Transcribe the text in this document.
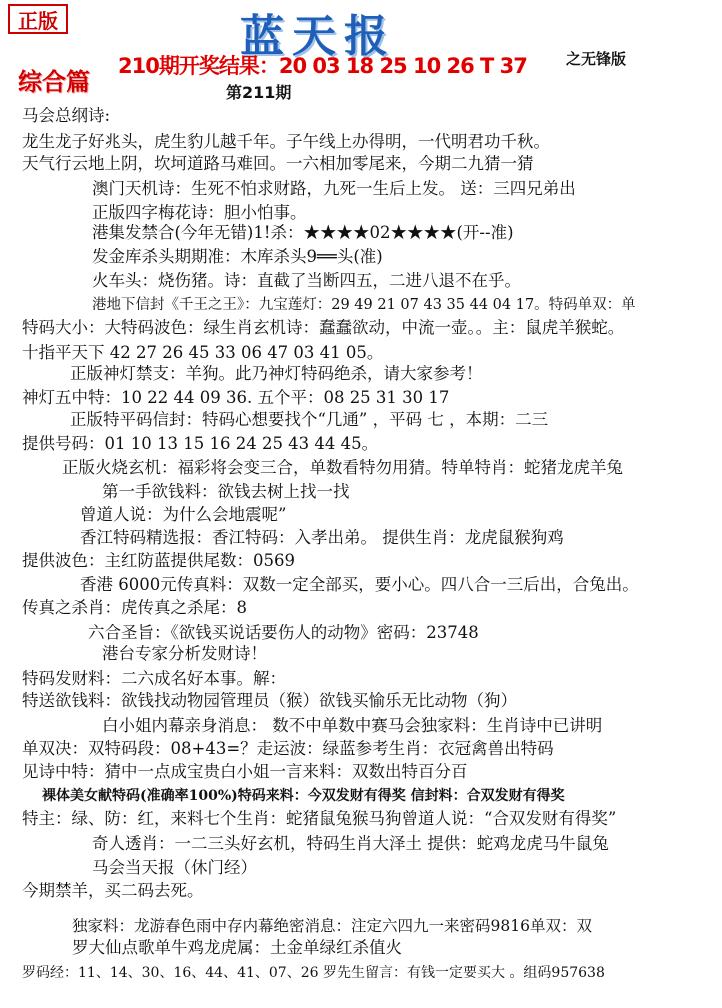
正版	蓝天报
210期开奖结果：20 03 18 25 10 26 T 37	之无锋版
综合篇	第211期
马会总纲诗:
龙生龙子好兆头，虎生豹儿越千年。子午线上办得明，一代明君功千秋。
天气行云地上阴，坎坷道路马难回。一六相加零尾来，今期二九猜一猜
澳门天机诗：生死不怕求财路，九死一生后上发。 送：三四兄弟出
正版四字梅花诗：胆小怕事。
港集发禁合(今年无错)1!杀：★★★★02★★★★(开--准)
发金库杀头期期准：木库杀头9══头(准)
火车头：烧伤猪。诗：直截了当断四五，二进八退不在乎。
港地下信封《千王之王》：九宝莲灯：29 49 21 07 43 35 44 04 17。特码单双：单
特码大小：大特码波色：绿生肖玄机诗：蠢蠢欲动，中流一壶。。主：鼠虎羊猴蛇。
十指平天下 42 27 26 45 33 06 47 03 41 05。
正版神灯禁支：羊狗。此乃神灯特码绝杀，请大家参考！
神灯五中特：10 22 44 09 36. 五个平：08 25 31 30 17
正版特平码信封：特码心想要找个“几通” ，平码 七 ，本期：二三
提供号码：01 10 13 15 16 24 25 43 44 45。
正版火烧玄机：福彩将会变三合，单数看特勿用猜。特单特肖：蛇猪龙虎羊兔
第一手欲钱料：欲钱去树上找一找
曾道人说：为什么会地震呢”
香江特码精选报：香江特码：入孝出弟。 提供生肖：龙虎鼠猴狗鸡
提供波色：主红防蓝提供尾数：0569
香港 6000元传真料：双数一定全部买，要小心。四八合一三后出，合兔出。
传真之杀肖：虎传真之杀尾：8
六合圣旨：《欲钱买说话要伤人的动物》密码：23748
港台专家分析发财诗！
特码发财料：二六成名好本事。解：
特送欲钱料：欲钱找动物园管理员（猴）欲钱买愉乐无比动物（狗）
白小姐内幕亲身消息： 数不中单数中赛马会独家料：生肖诗中已讲明
单双决：双特码段：08+43=？走运波：绿蓝参考生肖：衣冠禽兽出特码
见诗中特：猜中一点成宝贵白小姐一言来料：双数出特百分百
裸体美女献特码(准确率100%)特码来料：今双发财有得奖 信封料：合双发财有得奖
特主：绿、防：红，来料七个生肖：蛇猪鼠兔猴马狗曾道人说：“合双发财有得奖”
奇人透肖：一二三头好玄机，特码生肖大泽土 提供：蛇鸡龙虎马牛鼠兔
马会当天报（休门经）
今期禁羊，买二码去死。
独家料：龙游春色雨中存内幕绝密消息：注定六四九一来密码9816单双：双
罗大仙点歌单牛鸡龙虎属：土金单绿红杀值火
罗码经：11、14、30、16、44、41、07、26 罗先生留言：有钱一定要买大 。组码957638
